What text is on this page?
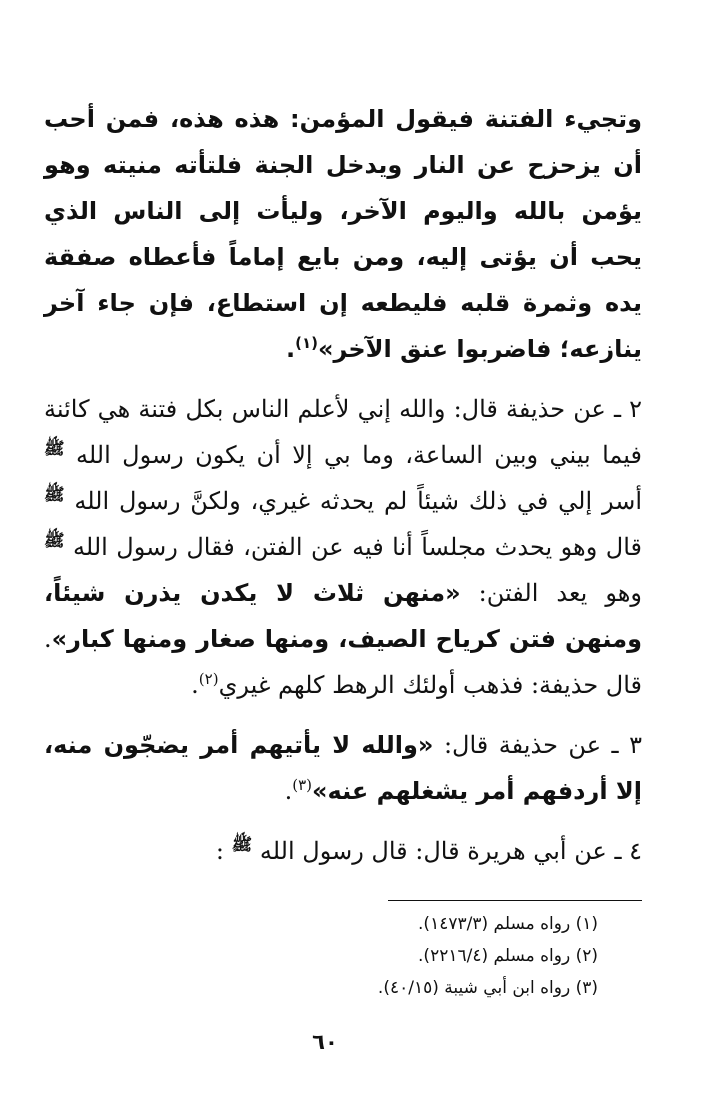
وتجيء الفتنة فيقول المؤمن: هذه هذه، فمن أحب أن يزحزح عن النار ويدخل الجنة فلتأته منيته وهو يؤمن بالله واليوم الآخر، وليأت إلى الناس الذي يحب أن يؤتى إليه، ومن بايع إماماً فأعطاه صفقة يده وثمرة قلبه فليطعه إن استطاع، فإن جاء آخر ينازعه؛ فاضربوا عنق الآخر»$^{(١)}$.

٢ ـ عن حذيفة قال: والله إني لأعلم الناس بكل فتنة هي كائنة فيما بيني وبين الساعة، وما بي إلا أن يكون رسول الله $^ﷺ$ أسر إلي في ذلك شيئاً لم يحدثه غيري، ولكنَّ رسول الله $^ﷺ$ قال وهو يحدث مجلساً أنا فيه عن الفتن، فقال رسول الله $^ﷺ$ وهو يعد الفتن: «منهن ثلاث لا يكدن يذرن شيئاً، ومنهن فتن كرياح الصيف، ومنها صغار ومنها كبار». قال حذيفة: فذهب أولئك الرهط كلهم غيري$^{(٢)}$.

٣ ـ عن حذيفة قال: «والله لا يأتيهم أمر يضجّون منه، إلا أردفهم أمر يشغلهم عنه»$^{(٣)}$.

٤ ـ عن أبي هريرة قال: قال رسول الله $^ﷺ$ :

(١) رواه مسلم (١٤٧٣/٣).
(٢) رواه مسلم (٢٢١٦/٤).
(٣) رواه ابن أبي شيبة (٤٠/١٥).
٦٠
